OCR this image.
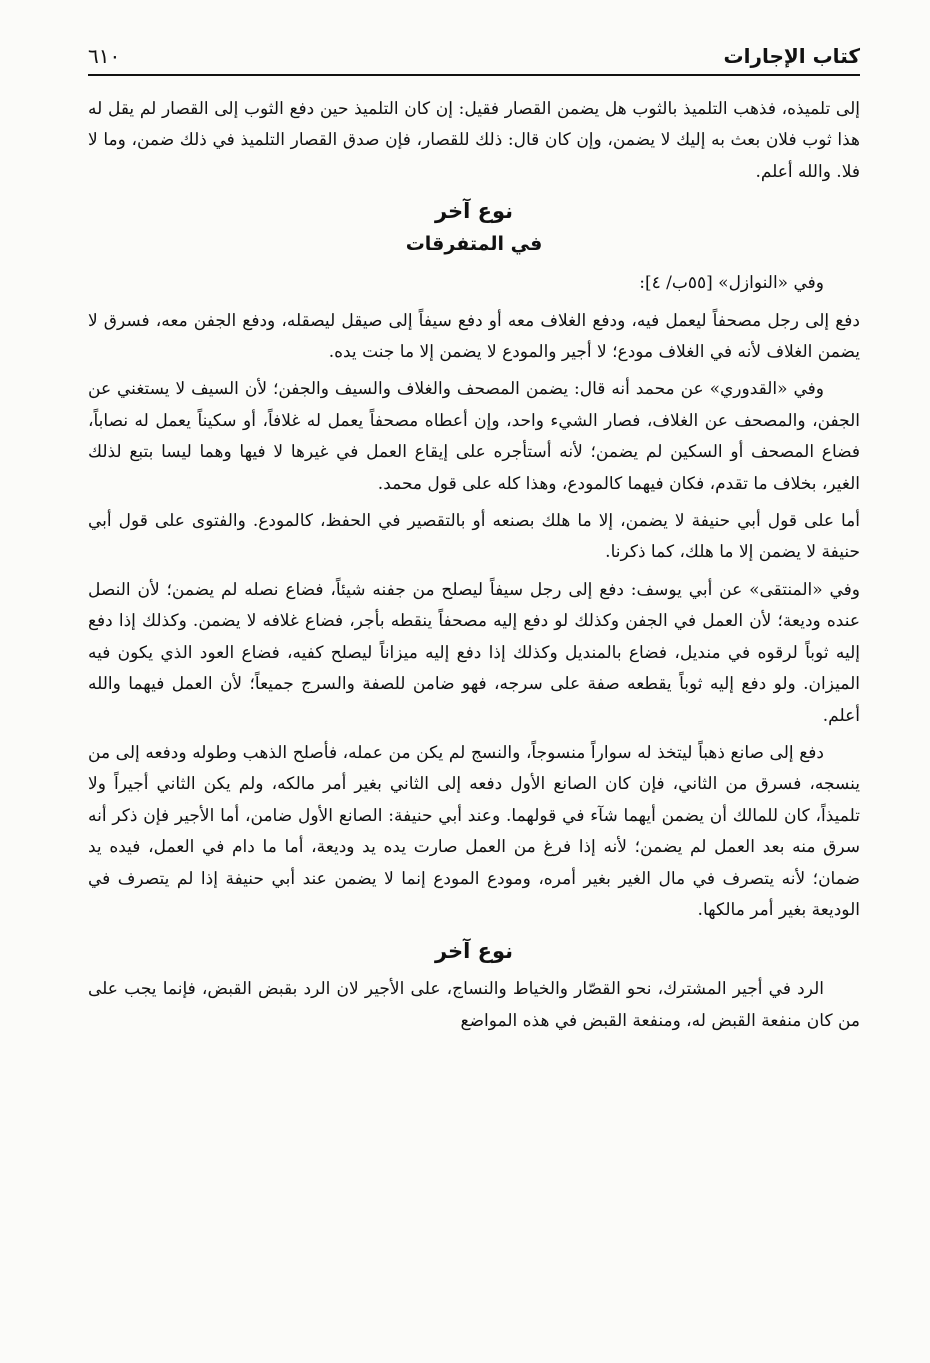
كتاب الإجارات
٦١٠

إلى تلميذه، فذهب التلميذ بالثوب هل يضمن القصار فقيل: إن كان التلميذ حين دفع الثوب إلى القصار لم يقل له هذا ثوب فلان بعث به إليك لا يضمن، وإن كان قال: ذلك للقصار، فإن صدق القصار التلميذ في ذلك ضمن، وما لا فلا. والله أعلم.

نوع آخر
في المتفرقات

وفي «النوازل» [٥٥ب/ ٤]:

دفع إلى رجل مصحفاً ليعمل فيه، ودفع الغلاف معه أو دفع سيفاً إلى صيقل ليصقله، ودفع الجفن معه، فسرق لا يضمن الغلاف لأنه في الغلاف مودع؛ لا أجير والمودع لا يضمن إلا ما جنت يده.

وفي «القدوري» عن محمد أنه قال: يضمن المصحف والغلاف والسيف والجفن؛ لأن السيف لا يستغني عن الجفن، والمصحف عن الغلاف، فصار الشيء واحد، وإن أعطاه مصحفاً يعمل له غلافاً، أو سكيناً يعمل له نصاباً، فضاع المصحف أو السكين لم يضمن؛ لأنه أستأجره على إيقاع العمل في غيرها لا فيها وهما ليسا بتبع لذلك الغير، بخلاف ما تقدم، فكان فيهما كالمودع، وهذا كله على قول محمد.

أما على قول أبي حنيفة لا يضمن، إلا ما هلك بصنعه أو بالتقصير في الحفظ، كالمودع. والفتوى على قول أبي حنيفة لا يضمن إلا ما هلك، كما ذكرنا.

وفي «المنتقى» عن أبي يوسف: دفع إلى رجل سيفاً ليصلح من جفنه شيئاً، فضاع نصله لم يضمن؛ لأن النصل عنده وديعة؛ لأن العمل في الجفن وكذلك لو دفع إليه مصحفاً ينقطه بأجر، فضاع غلافه لا يضمن. وكذلك إذا دفع إليه ثوباً لرقوه في منديل، فضاع بالمنديل وكذلك إذا دفع إليه ميزاناً ليصلح كفيه، فضاع العود الذي يكون فيه الميزان. ولو دفع إليه ثوباً يقطعه صفة على سرجه، فهو ضامن للصفة والسرج جميعاً؛ لأن العمل فيهما والله أعلم.

دفع إلى صانع ذهباً ليتخذ له سواراً منسوجاً، والنسج لم يكن من عمله، فأصلح الذهب وطوله ودفعه إلى من ينسجه، فسرق من الثاني، فإن كان الصانع الأول دفعه إلى الثاني بغير أمر مالكه، ولم يكن الثاني أجيراً ولا تلميذاً، كان للمالك أن يضمن أيهما شآء في قولهما. وعند أبي حنيفة: الصانع الأول ضامن، أما الأجير فإن ذكر أنه سرق منه بعد العمل لم يضمن؛ لأنه إذا فرغ من العمل صارت يده يد وديعة، أما ما دام في العمل، فيده يد ضمان؛ لأنه يتصرف في مال الغير بغير أمره، ومودع المودع إنما لا يضمن عند أبي حنيفة إذا لم يتصرف في الوديعة بغير أمر مالكها.

نوع آخر

الرد في أجير المشترك، نحو القصّار والخياط والنساج، على الأجير لان الرد بقبض القبض، فإنما يجب على من كان منفعة القبض له، ومنفعة القبض في هذه المواضع
